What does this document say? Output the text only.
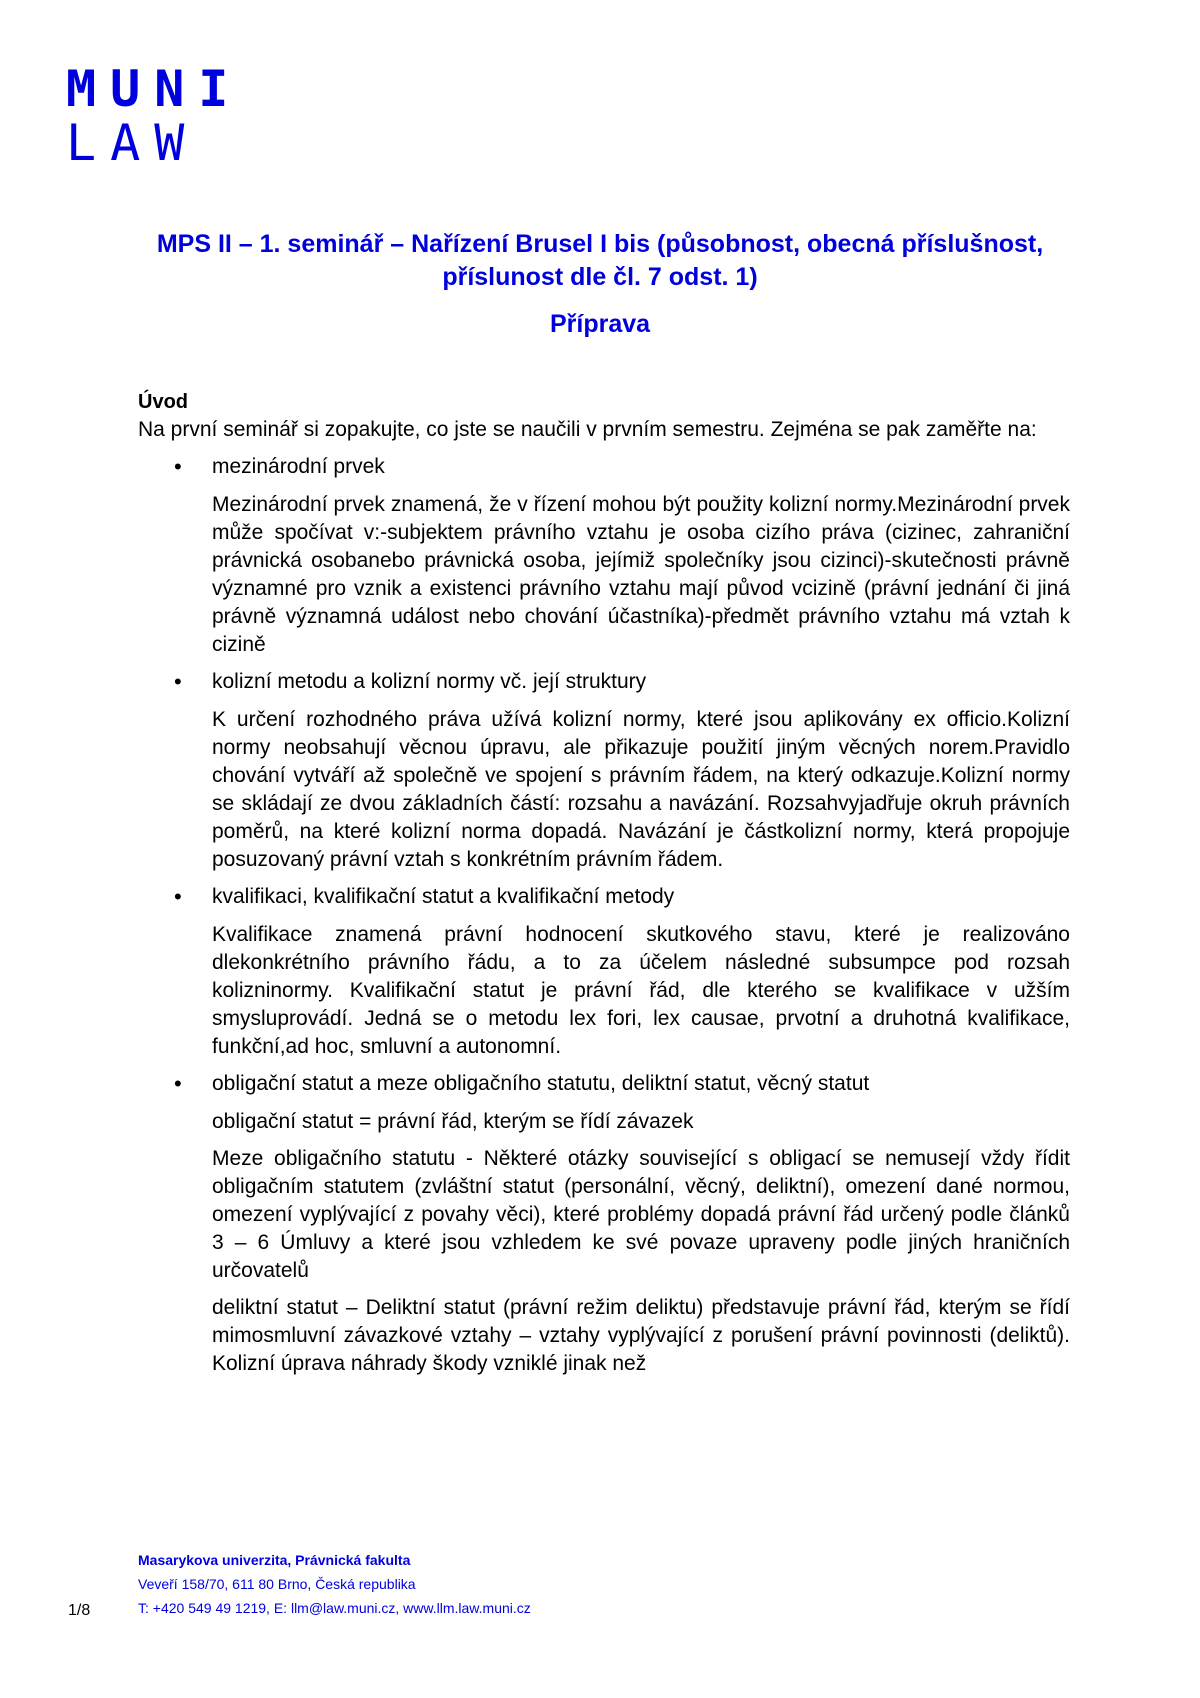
MUNI
LAW
MPS II – 1. seminář – Nařízení Brusel I bis (působnost, obecná příslušnost, příslunost dle čl. 7 odst. 1)
Příprava
Úvod
Na první seminář si zopakujte, co jste se naučili v prvním semestru. Zejména se pak zaměřte na:
• mezinárodní prvek
Mezinárodní prvek znamená, že v řízení mohou být použity kolizní normy.Mezinárodní prvek může spočívat v:-subjektem právního vztahu je osoba cizího práva (cizinec, zahraniční právnická osobanebo právnická osoba, jejímiž společníky jsou cizinci)-skutečnosti právně významné pro vznik a existenci právního vztahu mají původ vcizině (právní jednání či jiná právně významná událost nebo chování účastníka)-předmět právního vztahu má vztah k cizině
• kolizní metodu a kolizní normy vč. její struktury
K určení rozhodného práva užívá kolizní normy, které jsou aplikovány ex officio.Kolizní normy neobsahují věcnou úpravu, ale přikazuje použití jiným věcných norem.Pravidlo chování vytváří až společně ve spojení s právním řádem, na který odkazuje.Kolizní normy se skládají ze dvou základních částí: rozsahu a navázání. Rozsahvyjadřuje okruh právních poměrů, na které kolizní norma dopadá. Navázání je částkolizní normy, která propojuje posuzovaný právní vztah s konkrétním právním řádem.
• kvalifikaci, kvalifikační statut a kvalifikační metody
Kvalifikace znamená právní hodnocení skutkového stavu, které je realizováno dlekonkrétního právního řádu, a to za účelem následné subsumpce pod rozsah kolizninormy. Kvalifikační statut je právní řád, dle kterého se kvalifikace v užším smysluprovádí. Jedná se o metodu lex fori, lex causae, prvotní a druhotná kvalifikace, funkční,ad hoc, smluvní a autonomní.
• obligační statut a meze obligačního statutu, deliktní statut, věcný statut
obligační statut = právní řád, kterým se řídí závazek
Meze obligačního statutu - Některé otázky související s obligací se nemusejí vždy řídit obligačním statutem (zvláštní statut (personální, věcný, deliktní), omezení dané normou, omezení vyplývající z povahy věci), které problémy dopadá právní řád určený podle článků 3 – 6 Úmluvy a které jsou vzhledem ke své povaze upraveny podle jiných hraničních určovatelů
deliktní statut – Deliktní statut (právní režim deliktu) představuje právní řád, kterým se řídí mimosmluvní závazkové vztahy – vztahy vyplývající z porušení právní povinnosti (deliktů). Kolizní úprava náhrady škody vzniklé jinak než
Masarykova univerzita, Právnická fakulta
Veveří 158/70, 611 80 Brno, Česká republika
T: +420 549 49 1219, E: llm@law.muni.cz, www.llm.law.muni.cz
1/8
